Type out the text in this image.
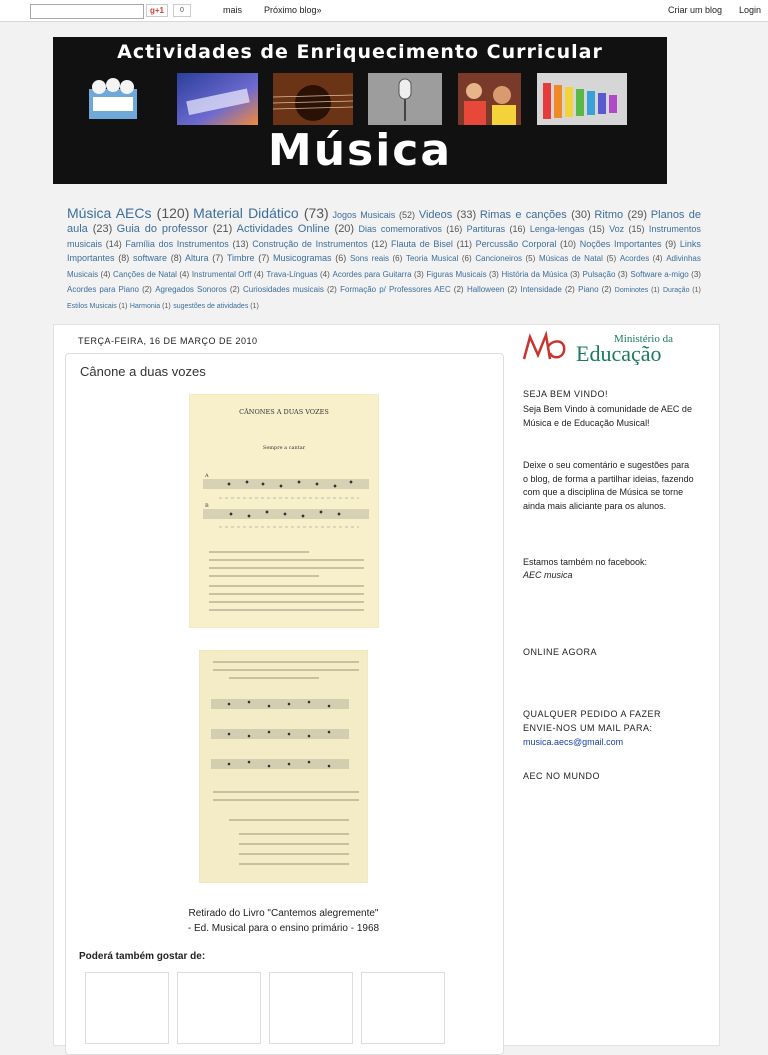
g+1	0	mais Próximo blog»	Criar um blog Login
Actividades de Enriquecimento Curricular
Música
Música AECs (120) Material Didático (73) Jogos Musicais (52) Videos (33) Rimas e canções (30) Ritmo (29) Planos de aula (23) Guia do professor (21) Actividades Online (20) Dias comemorativos (16) Partituras (16) Lenga-lengas (15) Voz (15) Instrumentos musicais (14) Família dos Instrumentos (13) Construção de Instrumentos (12) Flauta de Bisel (11) Percussão Corporal (10) Noções Importantes (9) Links Importantes (8) software (8) Altura (7) Timbre (7) Musicogramas (6) Sons reais (6) Teoria Musical (6) Cancioneiros (5) Músicas de Natal (5) Acordes (4) Adivinhas Musicais (4) Canções de Natal (4) Instrumental Orff (4) Trava-Línguas (4) Acordes para Guitarra (3) Figuras Musicais (3) História da Música (3) Pulsação (3) Software a-migo (3) Acordes para Piano (2) Agregados Sonoros (2) Curiosidades musicais (2) Formação p/ Professores AEC (2) Halloween (2) Intensidade (2) Piano (2) Dominotes (1) Duração (1) Estilos Musicais (1) Harmonia (1) sugestões de atividades (1)
TERÇA-FEIRA, 16 DE MARÇO DE 2010
Cânone a duas vozes
CÂNONES A DUAS VOZES
Sempre a cantar
A
B
Retirado do Livro "Cantemos alegremente"
- Ed. Musical para o ensino primário - 1968
Poderá também gostar de:
Ministério da
Educação
SEJA BEM VINDO!
Seja Bem Vindo à comunidade de AEC de Música e de Educação Musical!
Deixe o seu comentário e sugestões para o blog, de forma a partilhar ideias, fazendo com que a disciplina de Música se torne ainda mais aliciante para os alunos.
Estamos também no facebook:
AEC musica
ONLINE AGORA
QUALQUER PEDIDO A FAZER ENVIE-NOS UM MAIL PARA:
musica.aecs@gmail.com
AEC NO MUNDO
